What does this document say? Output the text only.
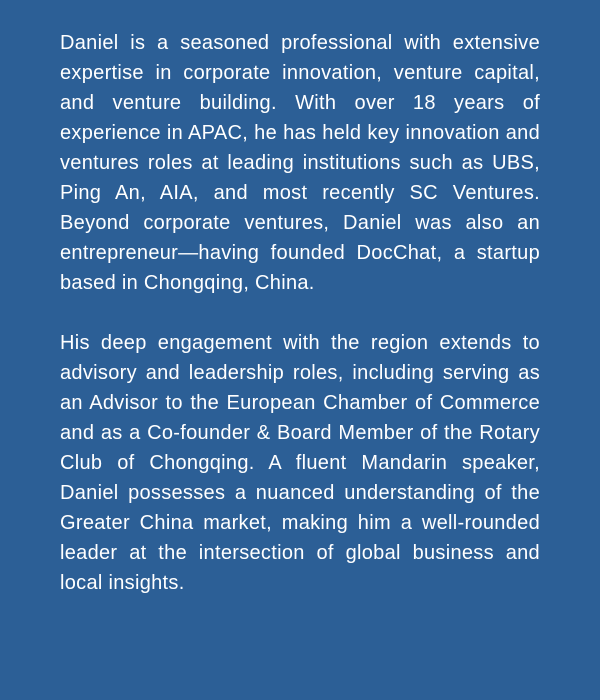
Daniel is a seasoned professional with extensive expertise in corporate innovation, venture capital, and venture building. With over 18 years of experience in APAC, he has held key innovation and ventures roles at leading institutions such as UBS, Ping An, AIA, and most recently SC Ventures. Beyond corporate ventures, Daniel was also an entrepreneur—having founded DocChat, a startup based in Chongqing, China.

His deep engagement with the region extends to advisory and leadership roles, including serving as an Advisor to the European Chamber of Commerce and as a Co-founder & Board Member of the Rotary Club of Chongqing. A fluent Mandarin speaker, Daniel possesses a nuanced understanding of the Greater China market, making him a well-rounded leader at the intersection of global business and local insights.
